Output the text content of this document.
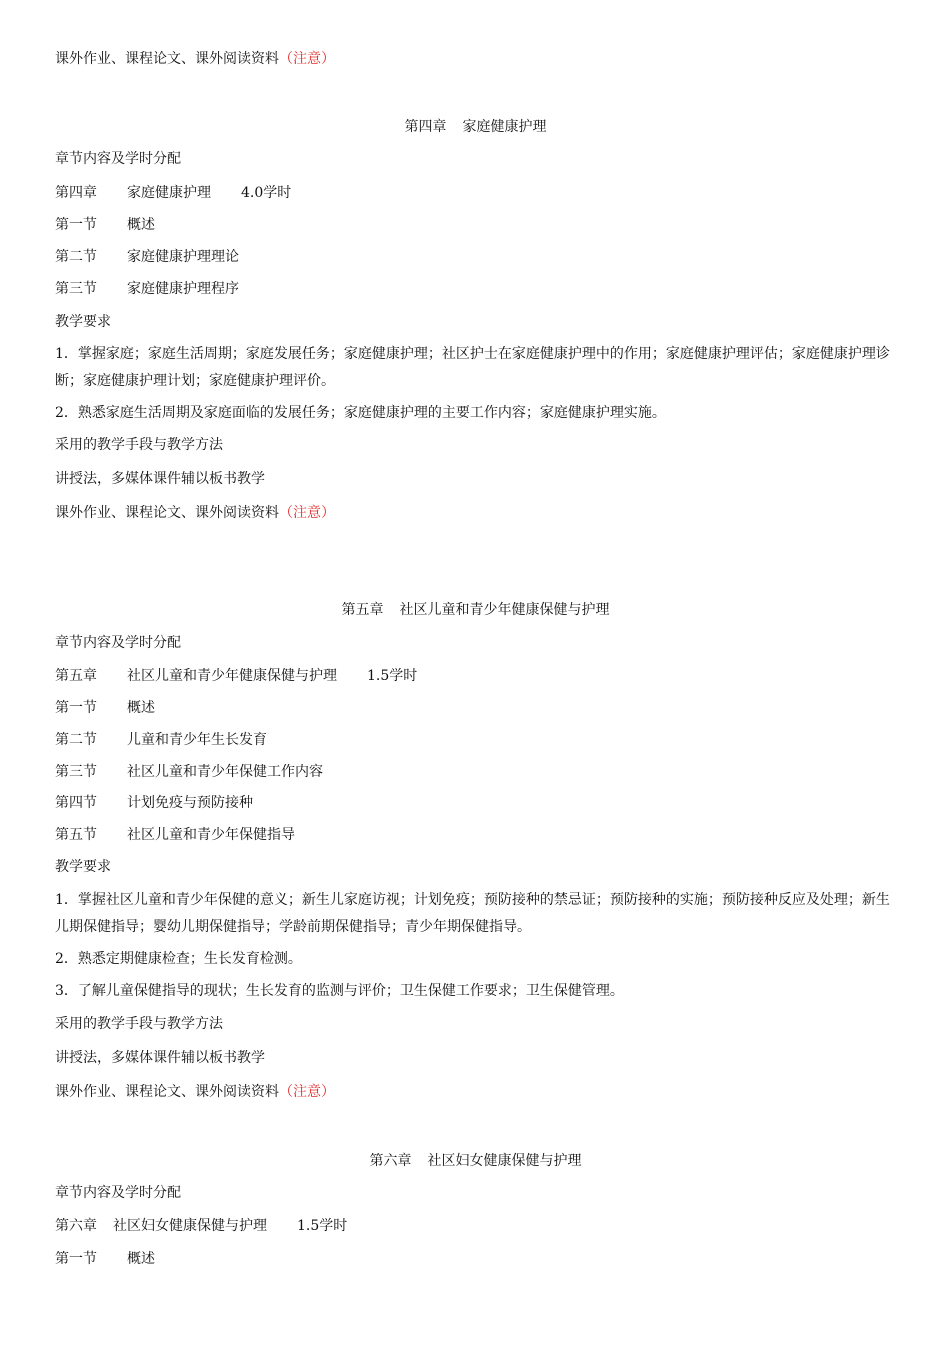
课外作业、课程论文、课外阅读资料（注意）
第四章 家庭健康护理
章节内容及学时分配
第四章 家庭健康护理 4.0学时
第一节 概述
第二节 家庭健康护理理论
第三节 家庭健康护理程序
教学要求
1．掌握家庭；家庭生活周期；家庭发展任务；家庭健康护理；社区护士在家庭健康护理中的作用；家庭健康护理评估；家庭健康护理诊断；家庭健康护理计划；家庭健康护理评价。
2．熟悉家庭生活周期及家庭面临的发展任务；家庭健康护理的主要工作内容；家庭健康护理实施。
采用的教学手段与教学方法
讲授法，多媒体课件辅以板书教学
课外作业、课程论文、课外阅读资料（注意）
第五章 社区儿童和青少年健康保健与护理
章节内容及学时分配
第五章 社区儿童和青少年健康保健与护理 1.5学时
第一节 概述
第二节 儿童和青少年生长发育
第三节 社区儿童和青少年保健工作内容
第四节 计划免疫与预防接种
第五节 社区儿童和青少年保健指导
教学要求
1．掌握社区儿童和青少年保健的意义；新生儿家庭访视；计划免疫；预防接种的禁忌证；预防接种的实施；预防接种反应及处理；新生儿期保健指导；婴幼儿期保健指导；学龄前期保健指导；青少年期保健指导。
2．熟悉定期健康检查；生长发育检测。
3．了解儿童保健指导的现状；生长发育的监测与评价；卫生保健工作要求；卫生保健管理。
采用的教学手段与教学方法
讲授法，多媒体课件辅以板书教学
课外作业、课程论文、课外阅读资料（注意）
第六章 社区妇女健康保健与护理
章节内容及学时分配
第六章 社区妇女健康保健与护理 1.5学时
第一节 概述
